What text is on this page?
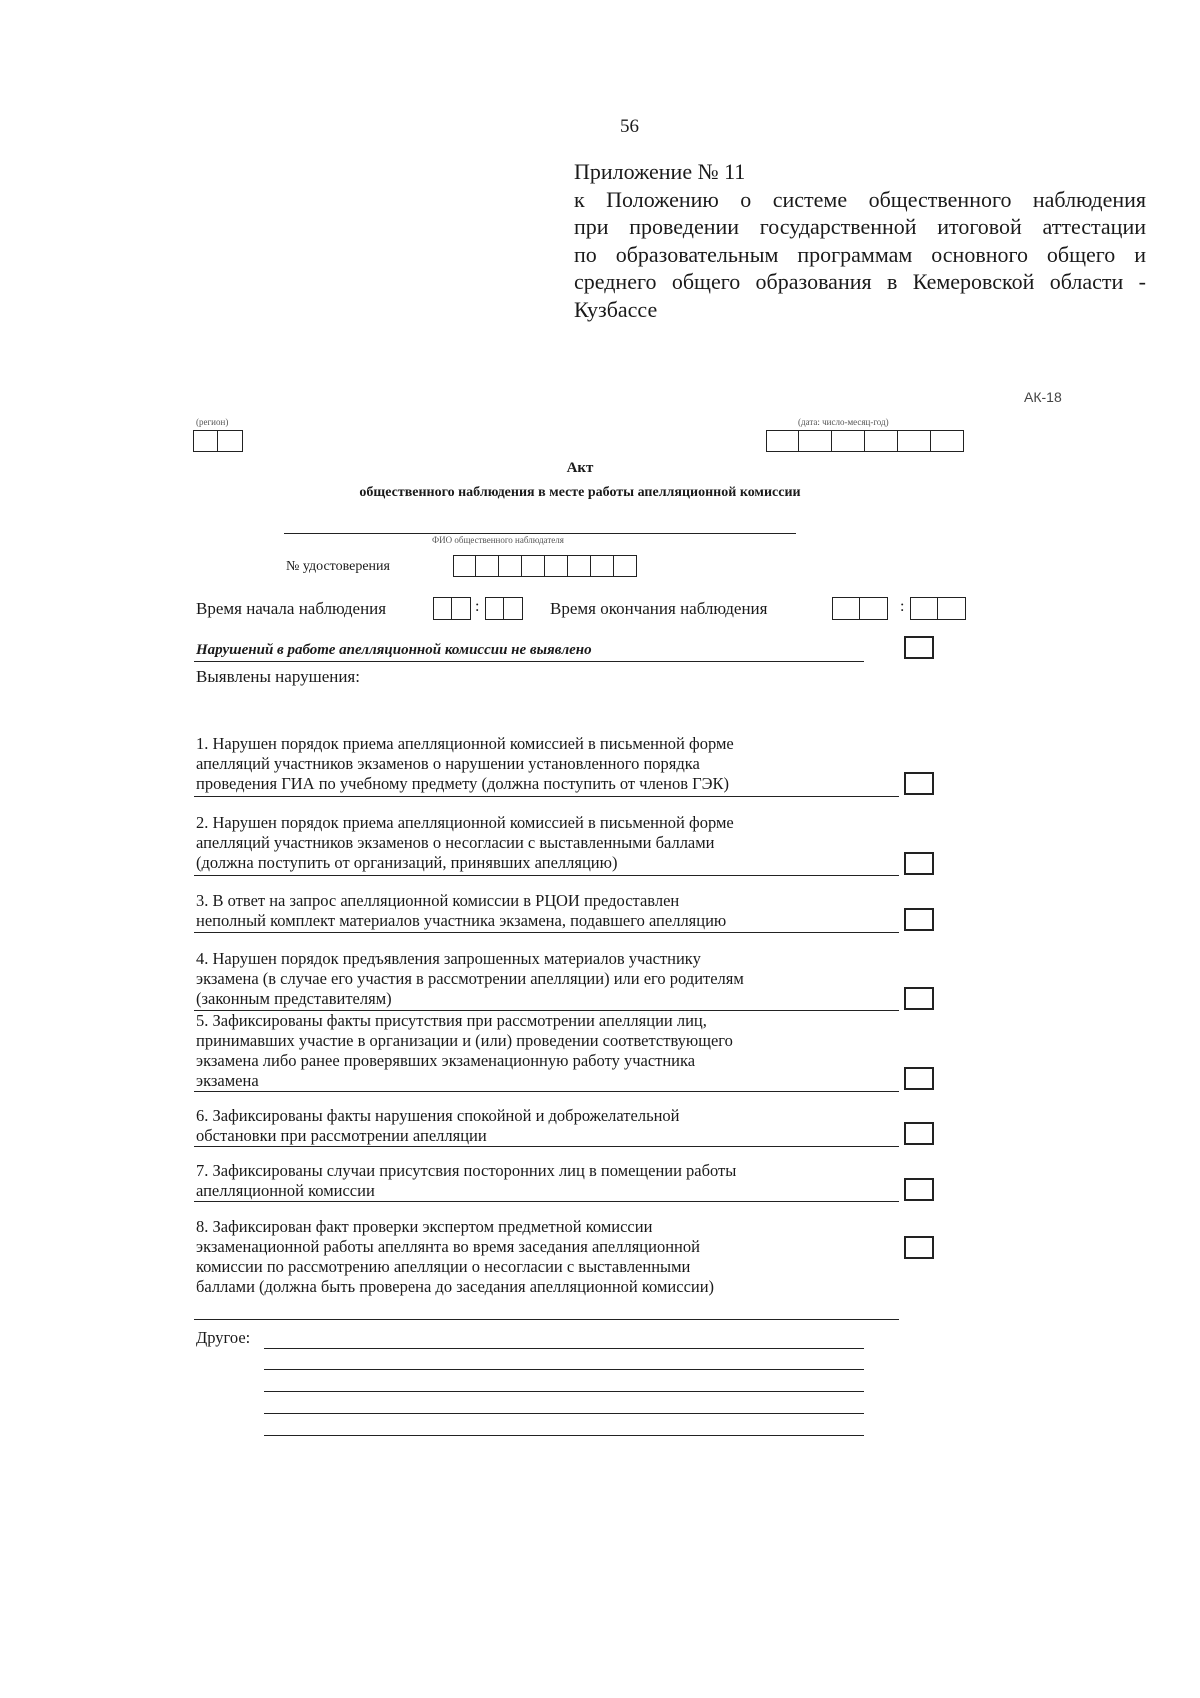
56
Приложение № 11
к Положению о системе общественного наблюдения
при проведении государственной итоговой аттестации
по образовательным программам основного общего и
среднего общего образования в Кемеровской области -
Кузбассе
АК-18
(регион)	(дата: число-месяц-год)
Акт
общественного наблюдения в месте работы апелляционной комиссии
ФИО общественного наблюдателя
№ удостоверения
Время начала наблюдения	:	Время окончания наблюдения	:
Нарушений в работе апелляционной комиссии не выявлено
Выявлены нарушения:
1. Нарушен порядок приема апелляционной комиссией в письменной форме
апелляций участников экзаменов о нарушении установленного порядка
проведения ГИА по учебному предмету (должна поступить от членов ГЭК)
2. Нарушен порядок приема апелляционной комиссией в письменной форме
апелляций участников экзаменов о несогласии с выставленными баллами
(должна поступить от организаций, принявших апелляцию)
3. В ответ на запрос апелляционной комиссии в РЦОИ предоставлен
неполный комплект материалов участника экзамена, подавшего апелляцию
4. Нарушен порядок предъявления запрошенных материалов участнику
экзамена (в случае его участия в рассмотрении апелляции) или его родителям
(законным представителям)
5. Зафиксированы факты присутствия при рассмотрении апелляции лиц,
принимавших участие в организации и (или) проведении соответствующего
экзамена либо ранее проверявших экзаменационную работу участника
экзамена
6. Зафиксированы факты нарушения спокойной и доброжелательной
обстановки при рассмотрении апелляции
7. Зафиксированы случаи присутсвия посторонних лиц в помещении работы
апелляционной комиссии
8. Зафиксирован факт проверки экспертом предметной комиссии
экзаменационной работы апеллянта во время заседания апелляционной
комиссии по рассмотрению апелляции о несогласии с выставленными
баллами (должна быть проверена до заседания апелляционной комиссии)
Другое:
